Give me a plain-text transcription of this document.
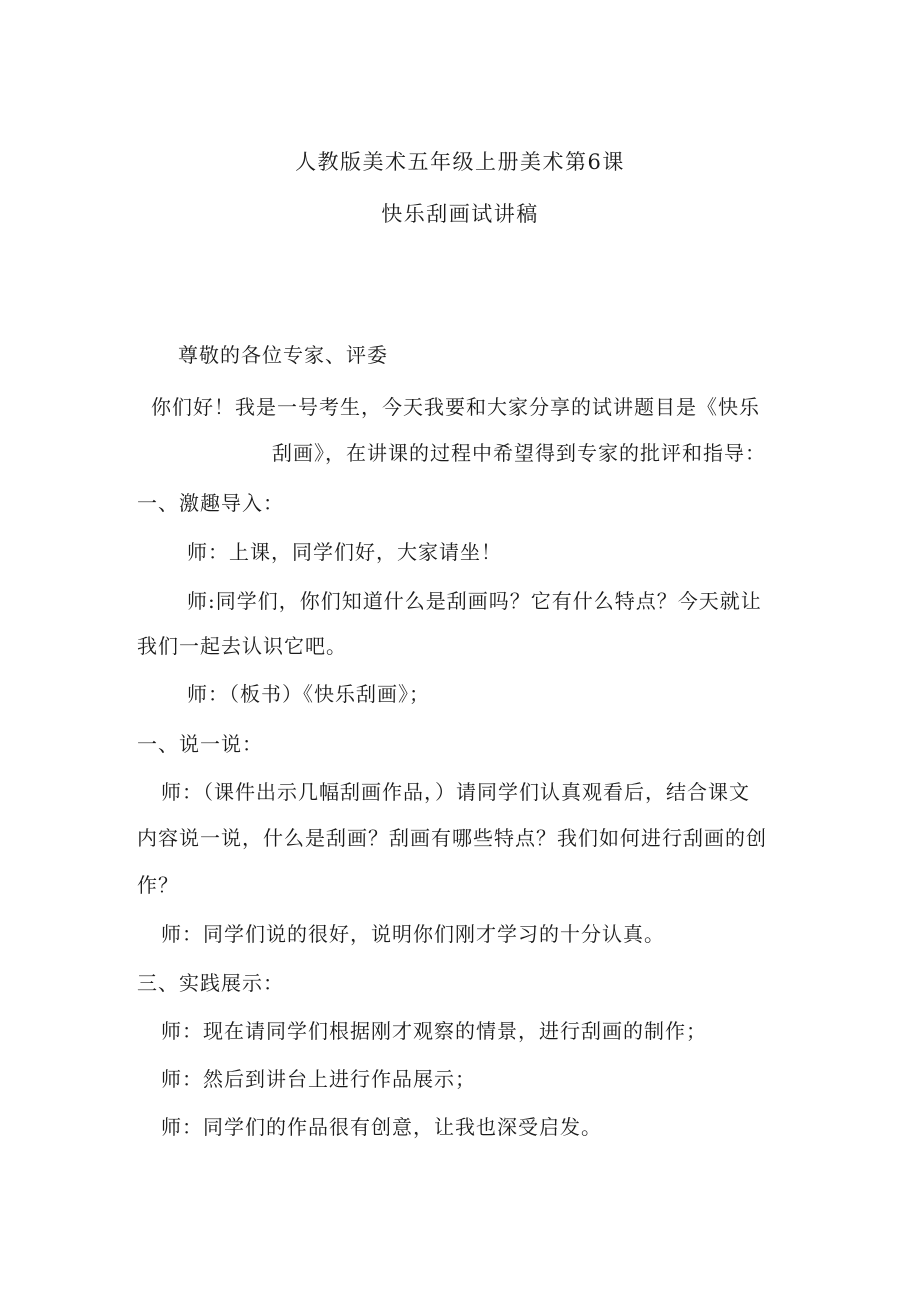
人教版美术五年级上册美术第6课
快乐刮画试讲稿
尊敬的各位专家、评委
你们好！我是一号考生，今天我要和大家分享的试讲题目是《快乐
刮画》，在讲课的过程中希望得到专家的批评和指导：
一、激趣导入：
师：上课，同学们好，大家请坐！
师:同学们，你们知道什么是刮画吗？它有什么特点？今天就让
我们一起去认识它吧。
师：（板书）《快乐刮画》；
一、说一说：
师：（课件出示几幅刮画作品，）请同学们认真观看后，结合课文
内容说一说，什么是刮画？刮画有哪些特点？我们如何进行刮画的创
作？
师：同学们说的很好，说明你们刚才学习的十分认真。
三、实践展示：
师：现在请同学们根据刚才观察的情景，进行刮画的制作；
师：然后到讲台上进行作品展示；
师：同学们的作品很有创意，让我也深受启发。
